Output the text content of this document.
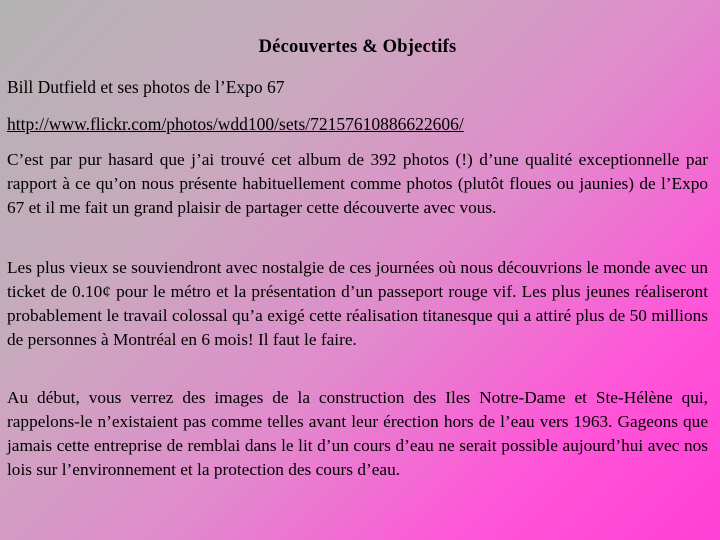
Découvertes & Objectifs
Bill Dutfield et ses photos de l’Expo 67
http://www.flickr.com/photos/wdd100/sets/72157610886622606/

C’est par pur hasard que j’ai trouvé cet album de 392 photos (!) d’une qualité exceptionnelle par rapport à ce qu’on nous présente habituellement comme photos (plutôt floues ou jaunies) de l’Expo 67 et il me fait un grand plaisir de partager cette découverte avec vous.

Les plus vieux se souviendront avec nostalgie de ces journées où nous découvrions le monde avec un ticket de 0.10¢ pour le métro et la présentation d’un passeport rouge vif. Les plus jeunes réaliseront probablement le travail colossal qu’a exigé cette réalisation titanesque qui a attiré plus de 50 millions de personnes à Montréal en 6 mois! Il faut le faire.

Au début, vous verrez des images de la construction des Iles Notre-Dame et Ste-Hélène qui, rappelons-le n’existaient pas comme telles avant leur érection hors de l’eau vers 1963. Gageons que jamais cette entreprise de remblai dans le lit d’un cours d’eau ne serait possible aujourd’hui avec nos lois sur l’environnement et la protection des cours d’eau.
